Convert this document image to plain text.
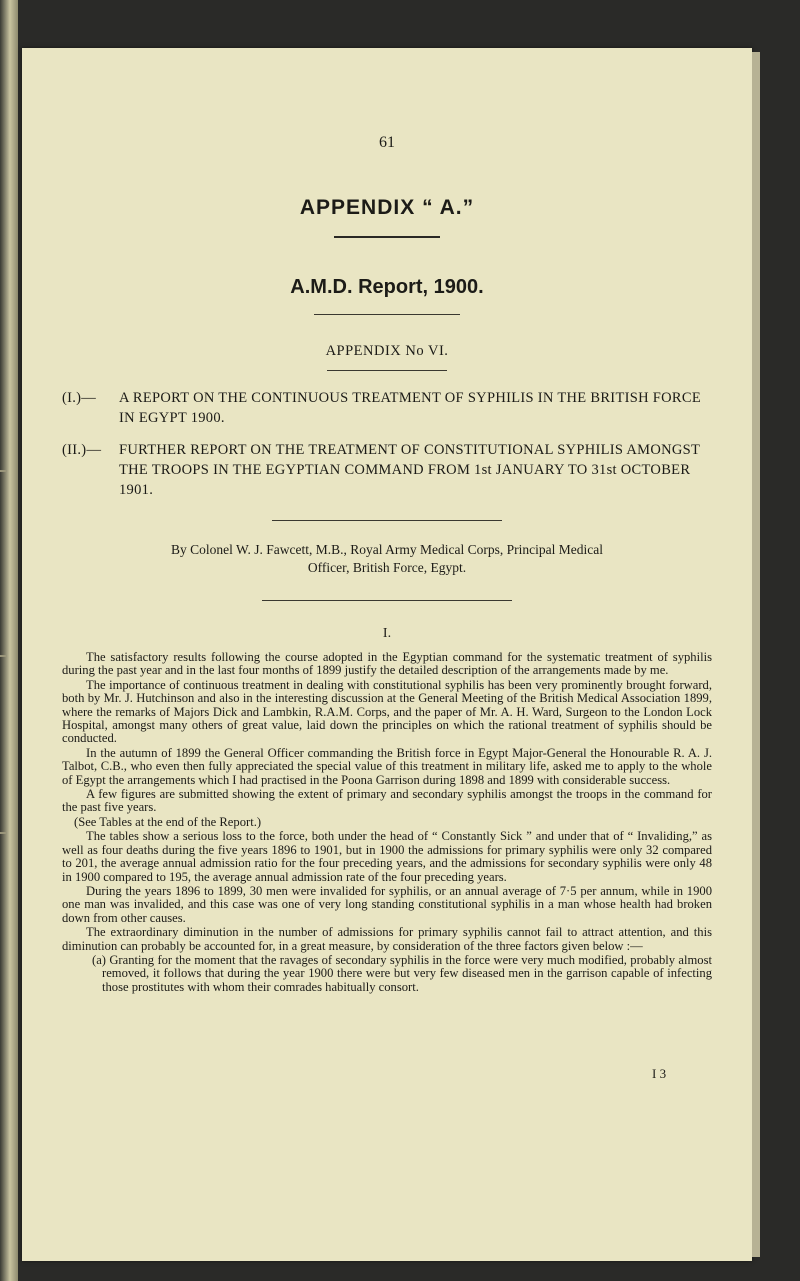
61
APPENDIX “ A.”
A.M.D. Report, 1900.
APPENDIX No VI.
(I.)— A REPORT ON THE CONTINUOUS TREATMENT OF SYPHILIS IN THE BRITISH FORCE IN EGYPT 1900.
(II.)— FURTHER REPORT ON THE TREATMENT OF CONSTITUTIONAL SYPHILIS AMONGST THE TROOPS IN THE EGYPTIAN COMMAND FROM 1st JANUARY TO 31st OCTOBER 1901.
By Colonel W. J. Fawcett, M.B., Royal Army Medical Corps, Principal Medical
Officer, British Force, Egypt.
I.

The satisfactory results following the course adopted in the Egyptian command for the systematic treatment of syphilis during the past year and in the last four months of 1899 justify the detailed description of the arrangements made by me.

The importance of continuous treatment in dealing with constitutional syphilis has been very prominently brought forward, both by Mr. J. Hutchinson and also in the interesting discussion at the General Meeting of the British Medical Association 1899, where the remarks of Majors Dick and Lambkin, R.A.M. Corps, and the paper of Mr. A. H. Ward, Surgeon to the London Lock Hospital, amongst many others of great value, laid down the principles on which the rational treatment of syphilis should be conducted.

In the autumn of 1899 the General Officer commanding the British force in Egypt Major-General the Honourable R. A. J. Talbot, C.B., who even then fully appreciated the special value of this treatment in military life, asked me to apply to the whole of Egypt the arrangements which I had practised in the Poona Garrison during 1898 and 1899 with considerable success.

A few figures are submitted showing the extent of primary and secondary syphilis amongst the troops in the command for the past five years.

(See Tables at the end of the Report.)

The tables show a serious loss to the force, both under the head of “ Constantly Sick ” and under that of “ Invaliding,” as well as four deaths during the five years 1896 to 1901, but in 1900 the admissions for primary syphilis were only 32 compared to 201, the average annual admission ratio for the four preceding years, and the admissions for secondary syphilis were only 48 in 1900 compared to 195, the average annual admission rate of the four preceding years.

During the years 1896 to 1899, 30 men were invalided for syphilis, or an annual average of 7·5 per annum, while in 1900 one man was invalided, and this case was one of very long standing constitutional syphilis in a man whose health had broken down from other causes.

The extraordinary diminution in the number of admissions for primary syphilis cannot fail to attract attention, and this diminution can probably be accounted for, in a great measure, by consideration of the three factors given below :—

(a) Granting for the moment that the ravages of secondary syphilis in the force were very much modified, probably almost removed, it follows that during the year 1900 there were but very few diseased men in the garrison capable of infecting those prostitutes with whom their comrades habitually consort.

I 3
